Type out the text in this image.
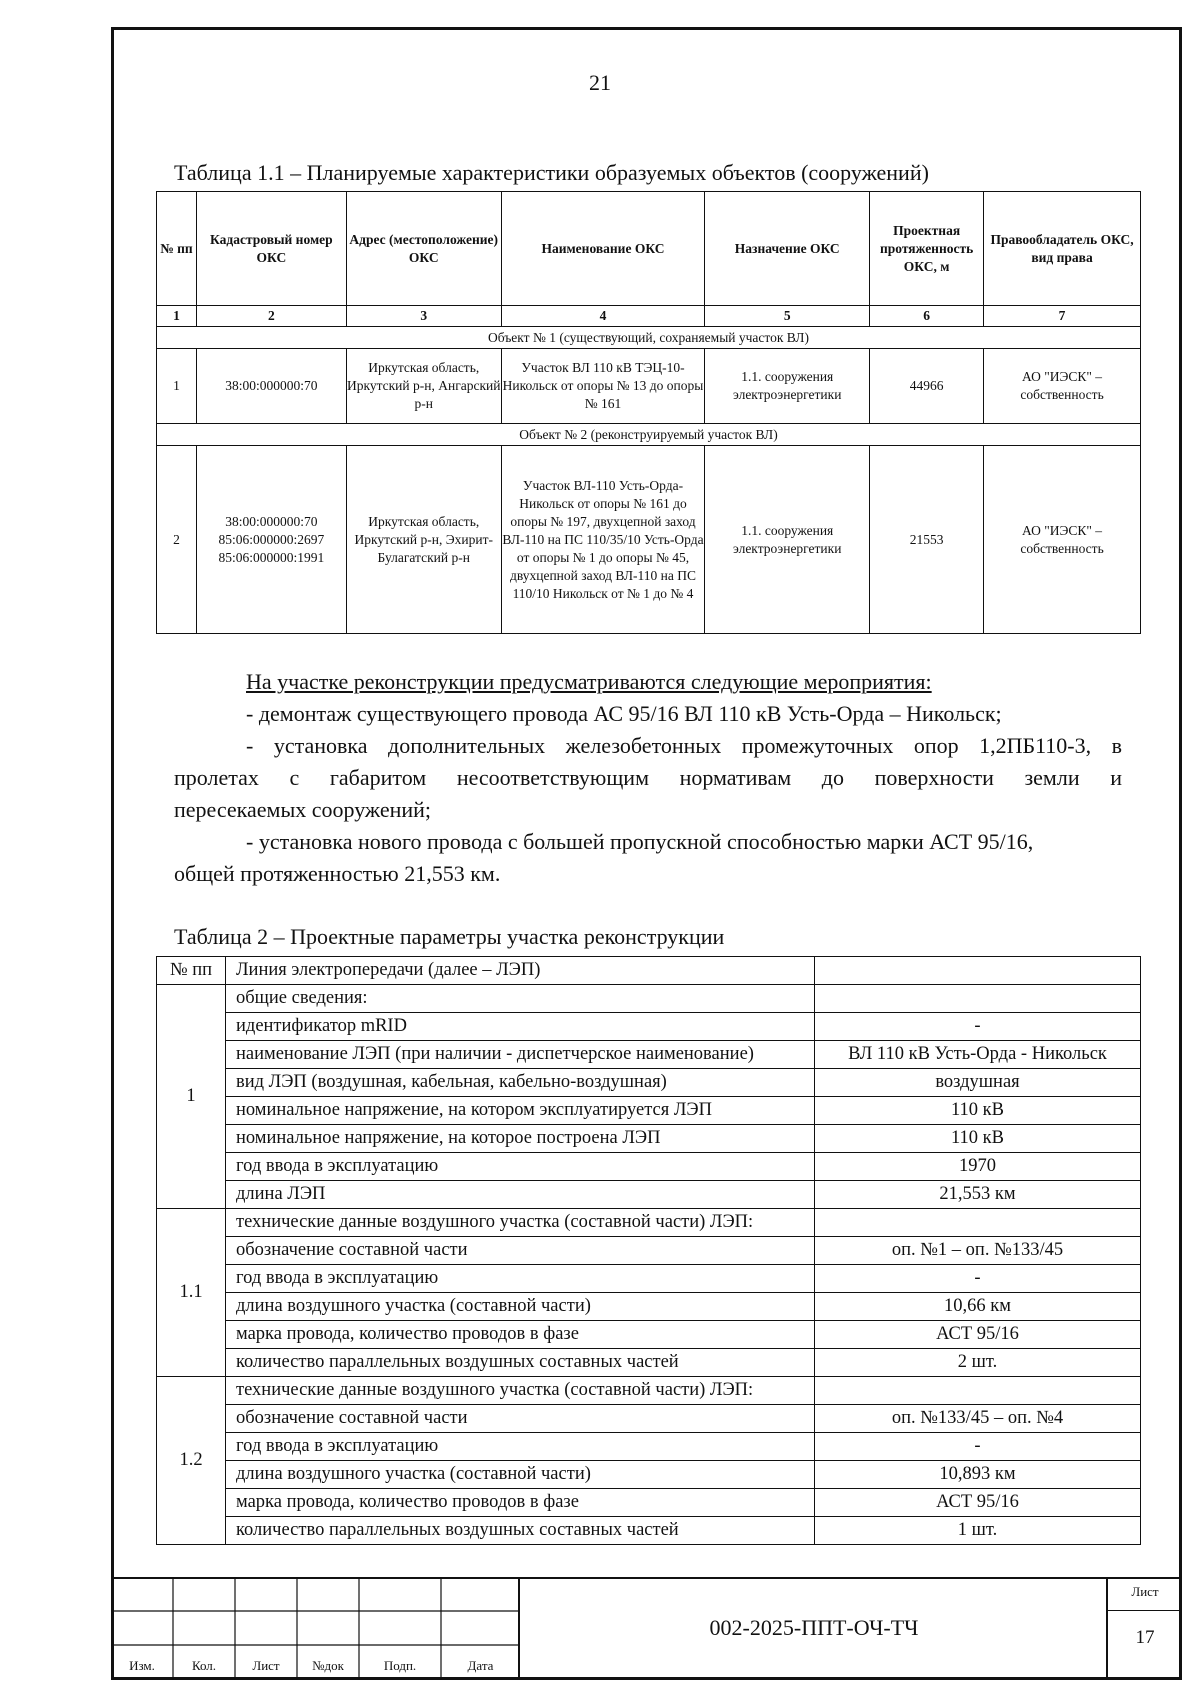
21
Таблица 1.1 – Планируемые характеристики образуемых объектов (сооружений)
№ пп	Кадастровый номер ОКС	Адрес (местоположение) ОКС	Наименование ОКС	Назначение ОКС	Проектная протяженность ОКС, м	Правообладатель ОКС, вид права
1	2	3	4	5	6	7
Объект № 1 (существующий, сохраняемый участок ВЛ)						
1	38:00:000000:70	Иркутская область, Иркутский р-н, Ангарский р-н	Участок ВЛ 110 кВ ТЭЦ-10-Никольск от опоры № 13 до опоры № 161	1.1. сооружения электроэнергетики	44966	АО "ИЭСК" – собственность
Объект № 2 (реконструируемый участок ВЛ)						
2	38:00:000000:70 85:06:000000:2697 85:06:000000:1991	Иркутская область, Иркутский р-н, Эхирит-Булагатский р-н	Участок ВЛ-110 Усть-Орда-Никольск от опоры № 161 до опоры № 197, двухцепной заход ВЛ-110 на ПС 110/35/10 Усть-Орда от опоры № 1 до опоры № 45, двухцепной заход ВЛ-110 на ПС 110/10 Никольск от № 1 до № 4	1.1. сооружения электроэнергетики	21553	АО "ИЭСК" – собственность
На участке реконструкции предусматриваются следующие мероприятия:
- демонтаж существующего провода АС 95/16 ВЛ 110 кВ Усть-Орда – Никольск;
- установка дополнительных железобетонных промежуточных опор 1,2ПБ110-3, в
пролетах с габаритом несоответствующим нормативам до поверхности земли и
пересекаемых сооружений;
- установка нового провода с большей пропускной способностью марки АСТ 95/16,
общей протяженностью 21,553 км.
Таблица 2 – Проектные параметры участка реконструкции
№ пп	Линия электропередачи (далее – ЛЭП)	
1	общие сведения:	
	идентификатор mRID	-
	наименование ЛЭП (при наличии - диспетчерское наименование)	ВЛ 110 кВ Усть-Орда - Никольск
	вид ЛЭП (воздушная, кабельная, кабельно-воздушная)	воздушная
	номинальное напряжение, на котором эксплуатируется ЛЭП	110 кВ
	номинальное напряжение, на которое построена ЛЭП	110 кВ
	год ввода в эксплуатацию	1970
	длина ЛЭП	21,553 км
1.1	технические данные воздушного участка (составной части) ЛЭП:	
	обозначение составной части	оп. №1 – оп. №133/45
	год ввода в эксплуатацию	-
	длина воздушного участка (составной части)	10,66 км
	марка провода, количество проводов в фазе	АСТ 95/16
	количество параллельных воздушных составных частей	2 шт.
1.2	технические данные воздушного участка (составной части) ЛЭП:	
	обозначение составной части	оп. №133/45 – оп. №4
	год ввода в эксплуатацию	-
	длина воздушного участка (составной части)	10,893 км
	марка провода, количество проводов в фазе	АСТ 95/16
	количество параллельных воздушных составных частей	1 шт.
Изм.	Кол.	Лист	№док	Подп.	Дата
002-2025-ППТ-ОЧ-ТЧ
Лист
17
